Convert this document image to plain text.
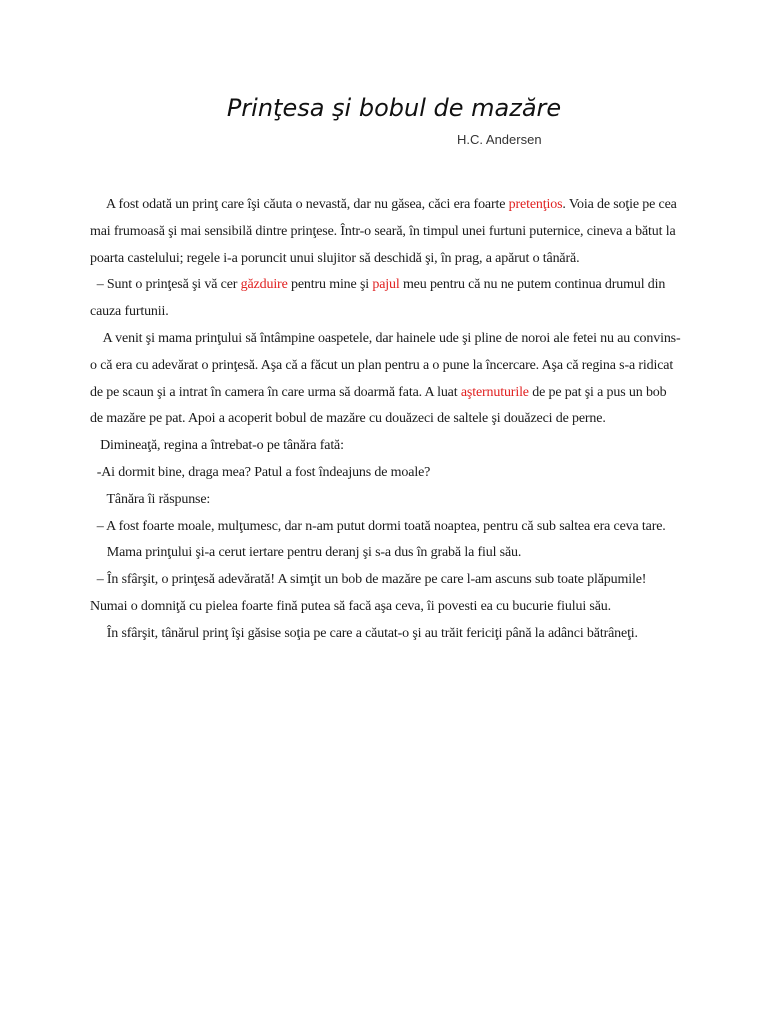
Prinţesa şi bobul de mazăre
H.C. Andersen

A fost odată un prinţ care îşi căuta o nevastă, dar nu găsea, căci era foarte pretenţios. Voia de soţie pe cea mai frumoasă şi mai sensibilă dintre prinţese. Într-o seară, în timpul unei furtuni puternice, cineva a bătut la poarta castelului; regele i-a poruncit unui slujitor să deschidă şi, în prag, a apărut o tânără.

– Sunt o prinţesă şi vă cer găzduire pentru mine şi pajul meu pentru că nu ne putem continua drumul din cauza furtunii.

A venit şi mama prinţului să întâmpine oaspetele, dar hainele ude şi pline de noroi ale fetei nu au convins-o că era cu adevărat o prinţesă. Aşa că a făcut un plan pentru a o pune la încercare. Aşa că regina s-a ridicat de pe scaun şi a intrat în camera în care urma să doarmă fata. A luat aşternuturile de pe pat şi a pus un bob de mazăre pe pat. Apoi a acoperit bobul de mazăre cu douăzeci de saltele şi douăzeci de perne.

Dimineaţă, regina a întrebat-o pe tânăra fată:

-Ai dormit bine, draga mea? Patul a fost îndeajuns de moale?

Tânăra îi răspunse:

– A fost foarte moale, mulţumesc, dar n-am putut dormi toată noaptea, pentru că sub saltea era ceva tare.

Mama prinţului şi-a cerut iertare pentru deranj şi s-a dus în grabă la fiul său.

– În sfârşit, o prinţesă adevărată! A simţit un bob de mazăre pe care l-am ascuns sub toate plăpumile! Numai o domniţă cu pielea foarte fină putea să facă aşa ceva, îi povesti ea cu bucurie fiului său.

În sfârşit, tânărul prinţ îşi găsise soţia pe care a căutat-o şi au trăit fericiţi până la adânci bătrâneţi.
